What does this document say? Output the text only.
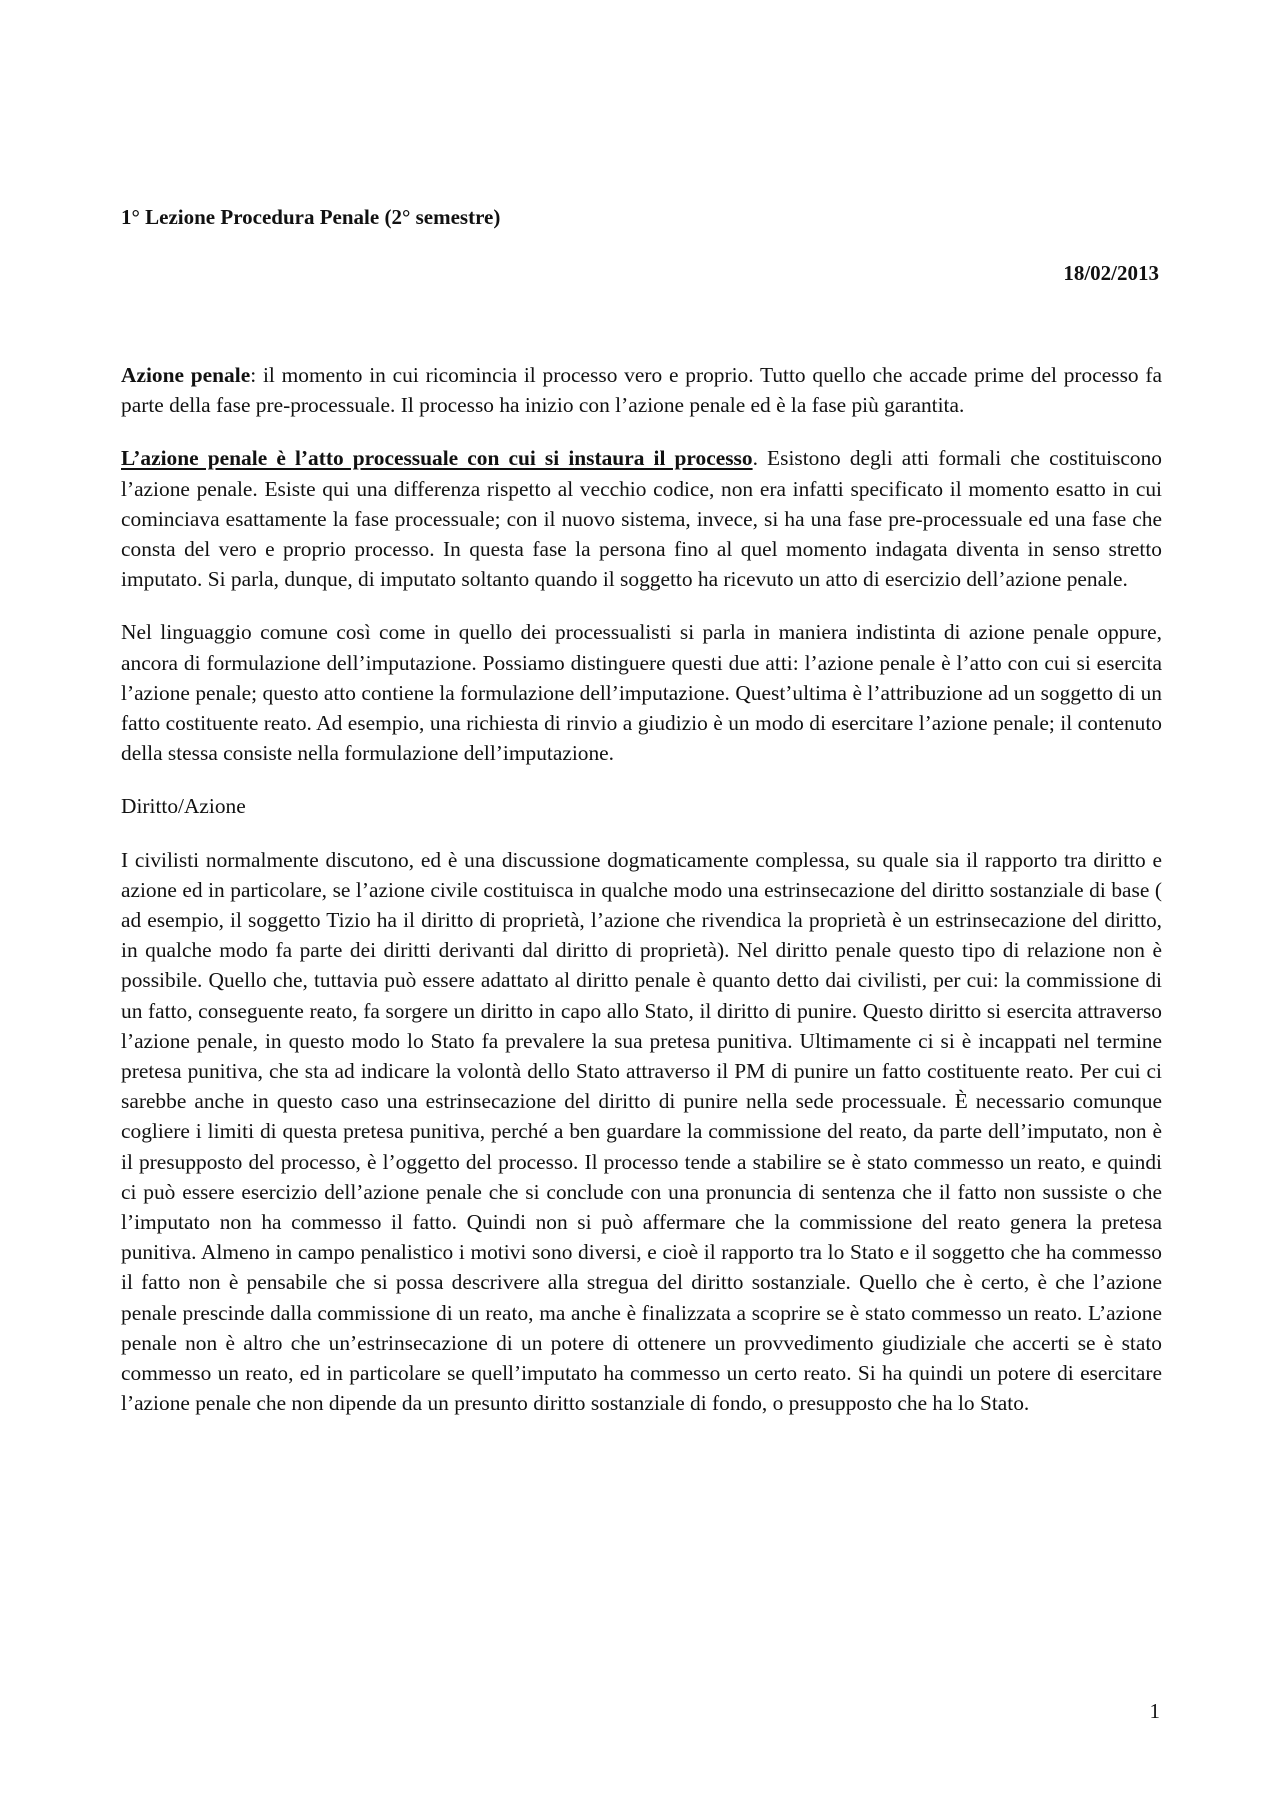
1° Lezione Procedura Penale (2° semestre)
18/02/2013

Azione penale: il momento in cui ricomincia il processo vero e proprio. Tutto quello che accade prime del processo fa parte della fase pre-processuale. Il processo ha inizio con l’azione penale ed è la fase più garantita.

L’azione penale è l’atto processuale con cui si instaura il processo. Esistono degli atti formali che costituiscono l’azione penale. Esiste qui una differenza rispetto al vecchio codice, non era infatti specificato il momento esatto in cui cominciava esattamente la fase processuale; con il nuovo sistema, invece, si ha una fase pre-processuale ed una fase che consta del vero e proprio processo. In questa fase la persona fino al quel momento indagata diventa in senso stretto imputato. Si parla, dunque, di imputato soltanto quando il soggetto ha ricevuto un atto di esercizio dell’azione penale.

Nel linguaggio comune così come in quello dei processualisti si parla in maniera indistinta di azione penale oppure, ancora di formulazione dell’imputazione. Possiamo distinguere questi due atti: l’azione penale è l’atto con cui si esercita l’azione penale; questo atto contiene la formulazione dell’imputazione. Quest’ultima è l’attribuzione ad un soggetto di un fatto costituente reato. Ad esempio, una richiesta di rinvio a giudizio è un modo di esercitare l’azione penale; il contenuto della stessa consiste nella formulazione dell’imputazione.

Diritto/Azione

I civilisti normalmente discutono, ed è una discussione dogmaticamente complessa, su quale sia il rapporto tra diritto e azione ed in particolare, se l’azione civile costituisca in qualche modo una estrinsecazione del diritto sostanziale di base ( ad esempio, il soggetto Tizio ha il diritto di proprietà, l’azione che rivendica la proprietà è un estrinsecazione del diritto, in qualche modo fa parte dei diritti derivanti dal diritto di proprietà). Nel diritto penale questo tipo di relazione non è possibile. Quello che, tuttavia può essere adattato al diritto penale è quanto detto dai civilisti, per cui: la commissione di un fatto, conseguente reato, fa sorgere un diritto in capo allo Stato, il diritto di punire. Questo diritto si esercita attraverso l’azione penale, in questo modo lo Stato fa prevalere la sua pretesa punitiva. Ultimamente ci si è incappati nel termine pretesa punitiva, che sta ad indicare la volontà dello Stato attraverso il PM di punire un fatto costituente reato. Per cui ci sarebbe anche in questo caso una estrinsecazione del diritto di punire nella sede processuale. È necessario comunque cogliere i limiti di questa pretesa punitiva, perché a ben guardare la commissione del reato, da parte dell’imputato, non è il presupposto del processo, è l’oggetto del processo. Il processo tende a stabilire se è stato commesso un reato, e quindi ci può essere esercizio dell’azione penale che si conclude con una pronuncia di sentenza che il fatto non sussiste o che l’imputato non ha commesso il fatto. Quindi non si può affermare che la commissione del reato genera la pretesa punitiva. Almeno in campo penalistico i motivi sono diversi, e cioè il rapporto tra lo Stato e il soggetto che ha commesso il fatto non è pensabile che si possa descrivere alla stregua del diritto sostanziale. Quello che è certo, è che l’azione penale prescinde dalla commissione di un reato, ma anche è finalizzata a scoprire se è stato commesso un reato. L’azione penale non è altro che un’estrinsecazione di un potere di ottenere un provvedimento giudiziale che accerti se è stato commesso un reato, ed in particolare se quell’imputato ha commesso un certo reato. Si ha quindi un potere di esercitare l’azione penale che non dipende da un presunto diritto sostanziale di fondo, o presupposto che ha lo Stato.

1
